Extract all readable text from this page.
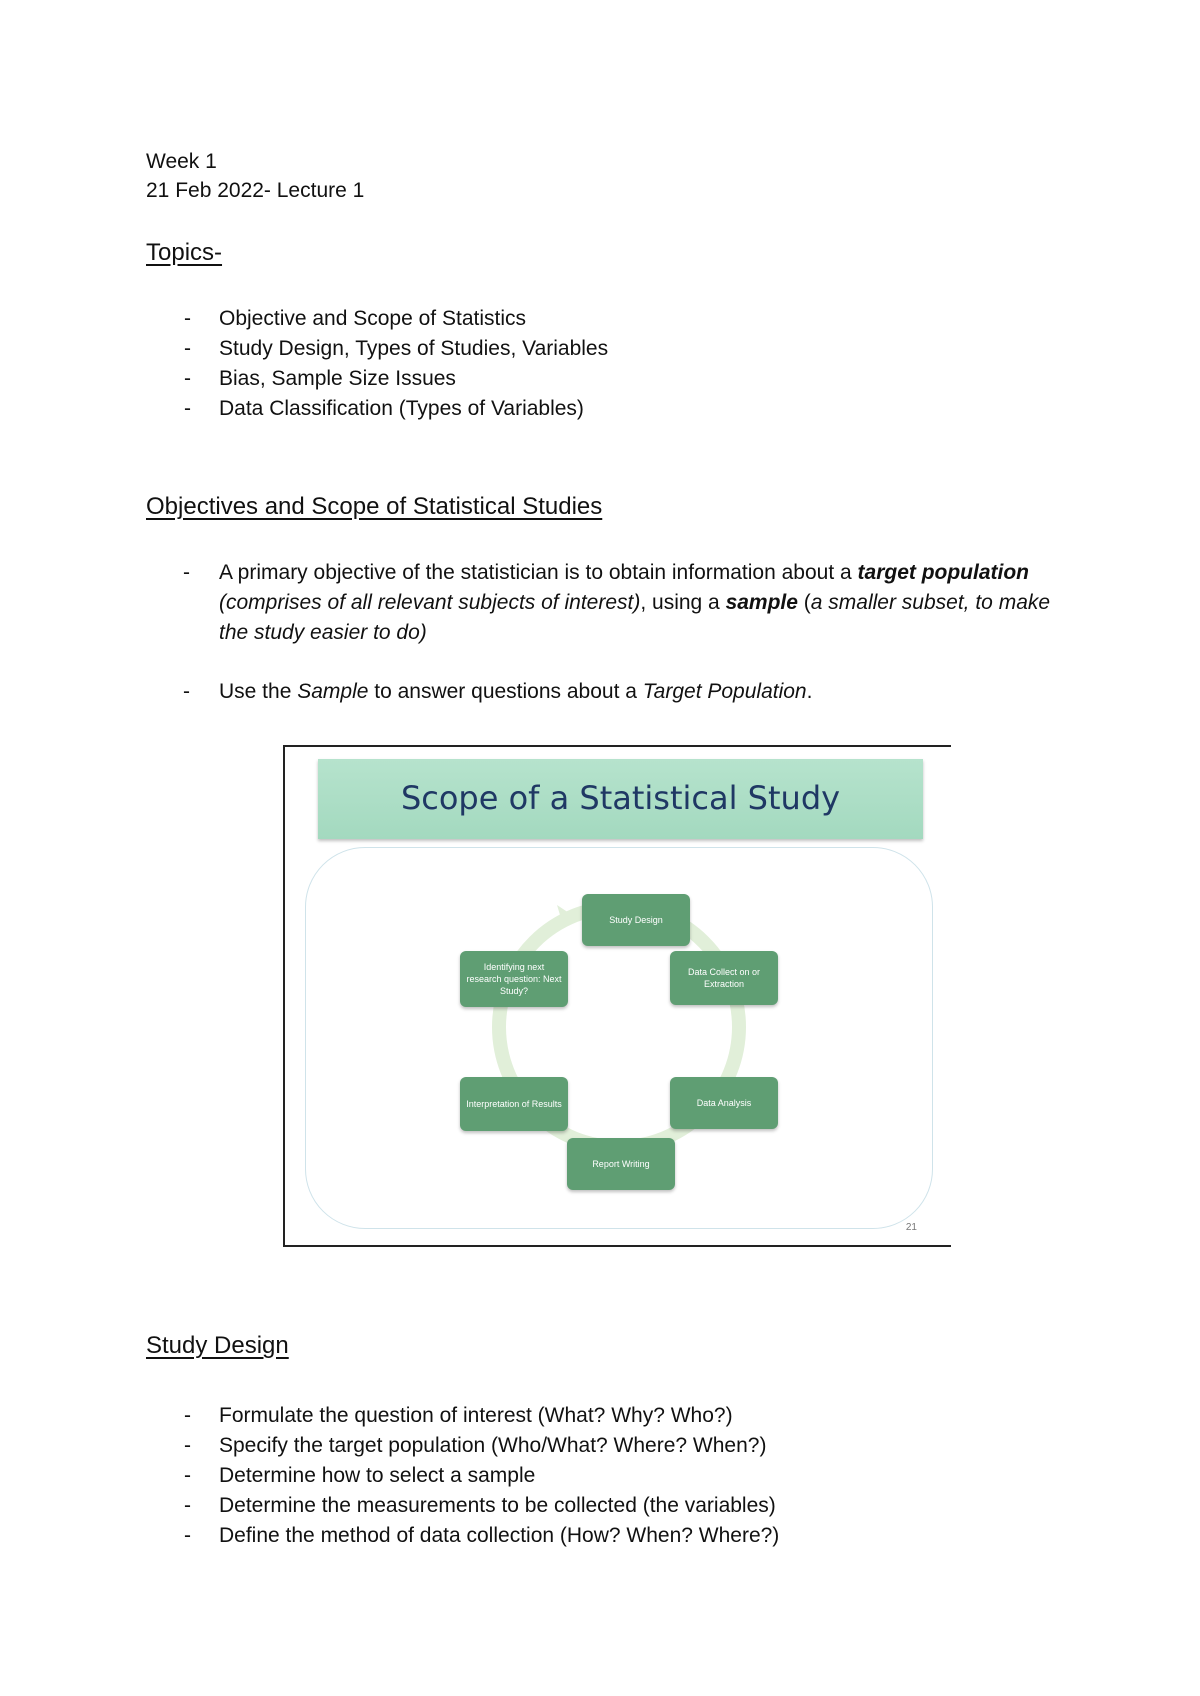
Week 1
21 Feb 2022- Lecture 1
Topics-
- Objective and Scope of Statistics
- Study Design, Types of Studies, Variables
- Bias, Sample Size Issues
- Data Classification (Types of Variables)
Objectives and Scope of Statistical Studies
-	A primary objective of the statistician is to obtain information about a target population (comprises of all relevant subjects of interest), using a sample (a smaller subset, to make the study easier to do)
-	Use the Sample to answer questions about a Target Population.
Scope of a Statistical Study
Study Design
Data Collect on or Extraction
Data Analysis
Report Writing
Interpretation of Results
Identifying next research question: Next Study?
21
Study Design
- Formulate the question of interest (What? Why? Who?)
- Specify the target population (Who/What? Where? When?)
- Determine how to select a sample
- Determine the measurements to be collected (the variables)
- Define the method of data collection (How? When? Where?)
